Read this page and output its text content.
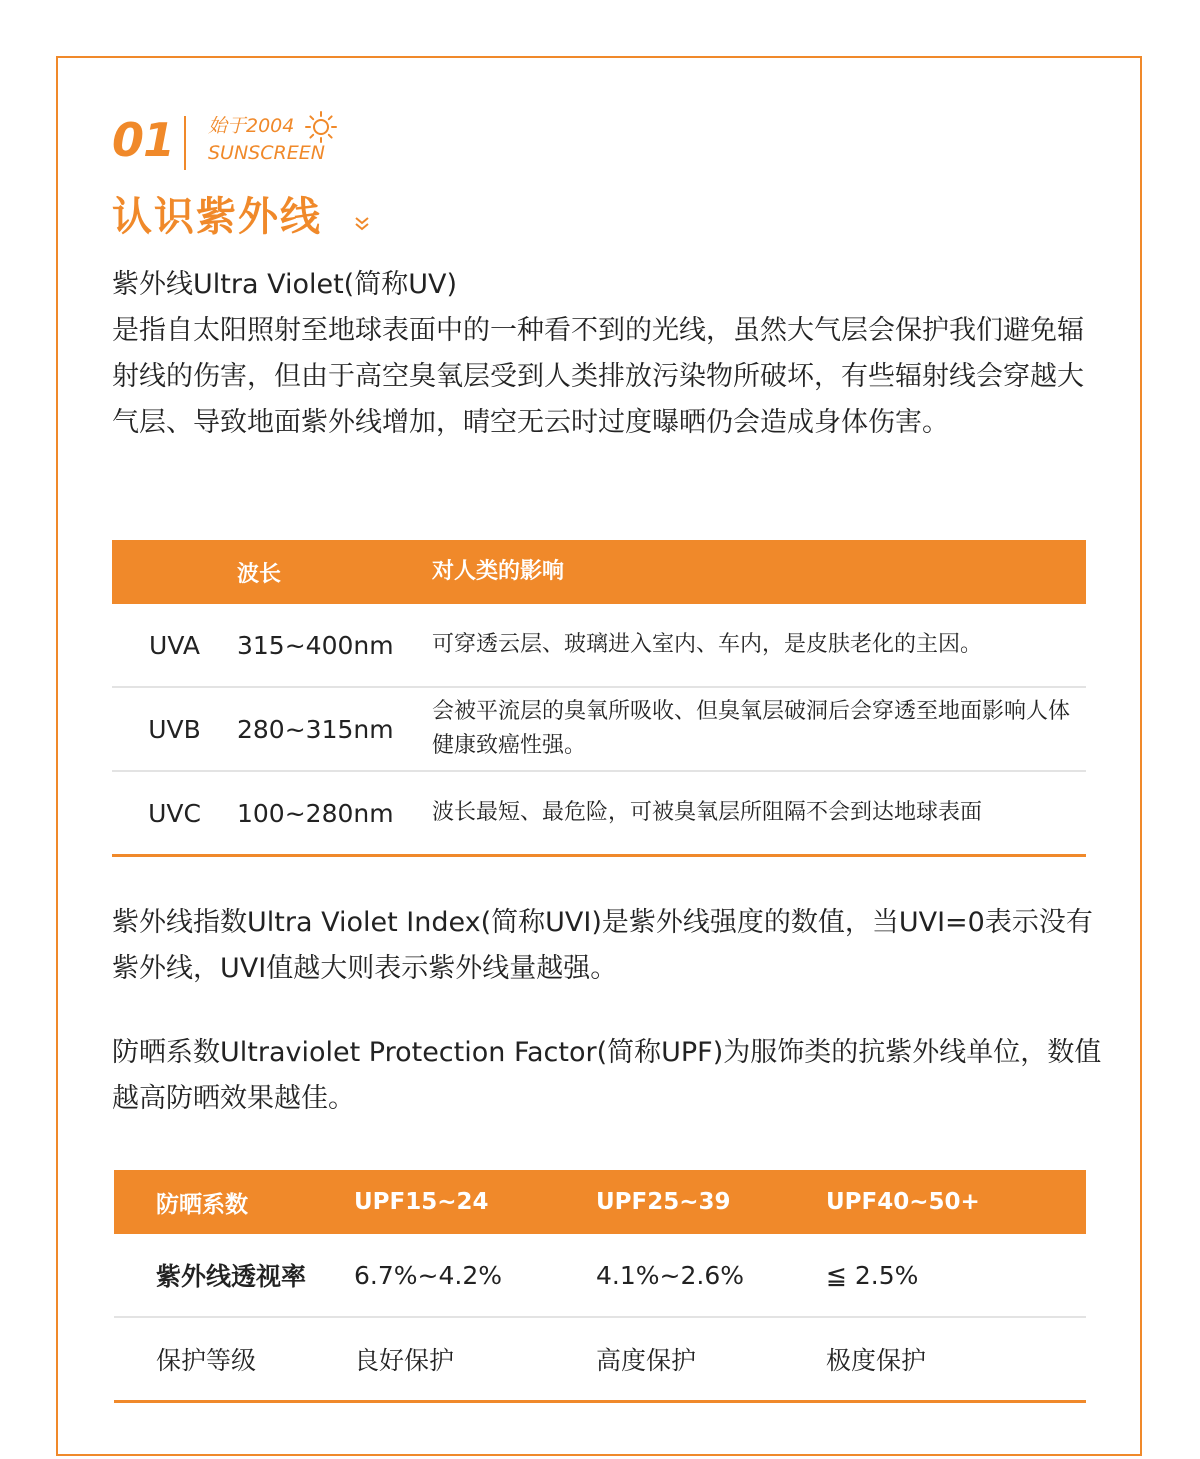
01 始于2004
SUNSCREEN
认识紫外线
紫外线Ultra Violet(简称UV)
是指自太阳照射至地球表面中的一种看不到的光线，虽然大气层会保护我们避免辐射线的伤害，但由于高空臭氧层受到人类排放污染物所破坏，有些辐射线会穿越大气层、导致地面紫外线增加，晴空无云时过度曝晒仍会造成身体伤害。
	波长	对人类的影响
UVA	315~400nm	可穿透云层、玻璃进入室内、车内，是皮肤老化的主因。
UVB	280~315nm	会被平流层的臭氧所吸收、但臭氧层破洞后会穿透至地面影响人体健康致癌性强。
UVC	100~280nm	波长最短、最危险，可被臭氧层所阻隔不会到达地球表面
紫外线指数Ultra Violet Index(简称UVI)是紫外线强度的数值，当UVI=0表示没有紫外线，UVI值越大则表示紫外线量越强。
防晒系数Ultraviolet Protection Factor(简称UPF)为服饰类的抗紫外线单位，数值越高防晒效果越佳。
防晒系数	UPF15~24	UPF25~39	UPF40~50+
紫外线透视率	6.7%~4.2%	4.1%~2.6%	≦ 2.5%
保护等级	良好保护	高度保护	极度保护
